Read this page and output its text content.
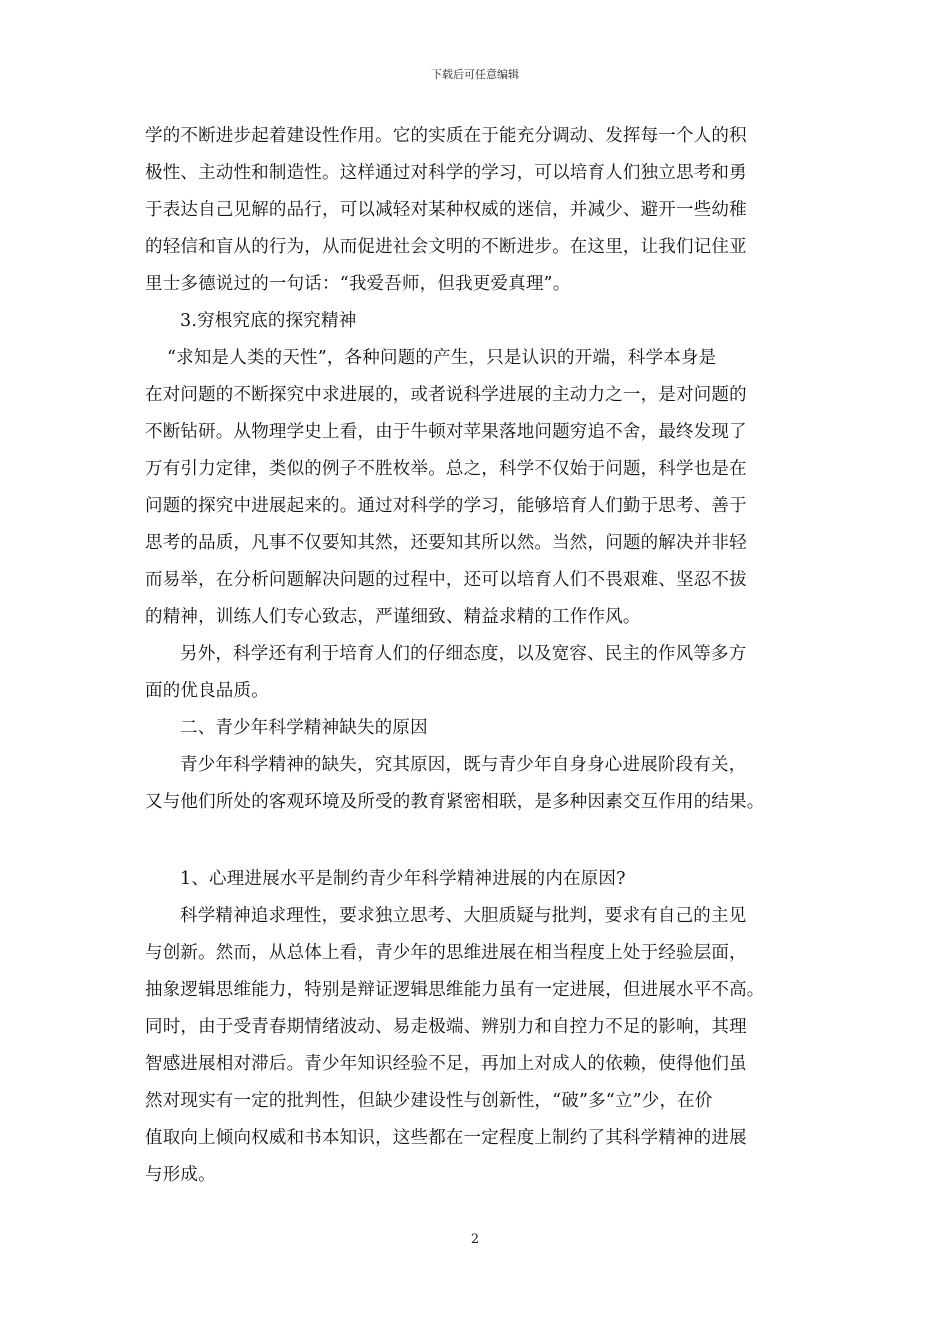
下载后可任意编辑
学的不断进步起着建设性作用。它的实质在于能充分调动、发挥每一个人的积
极性、主动性和制造性。这样通过对科学的学习，可以培育人们独立思考和勇
于表达自己见解的品行，可以减轻对某种权威的迷信，并减少、避开一些幼稚
的轻信和盲从的行为，从而促进社会文明的不断进步。在这里，让我们记住亚
里士多德说过的一句话：“我爱吾师，但我更爱真理”。
3.穷根究底的探究精神
“求知是人类的天性”，各种问题的产生，只是认识的开端，科学本身是
在对问题的不断探究中求进展的，或者说科学进展的主动力之一，是对问题的
不断钻研。从物理学史上看，由于牛顿对苹果落地问题穷追不舍，最终发现了
万有引力定律，类似的例子不胜枚举。总之，科学不仅始于问题，科学也是在
问题的探究中进展起来的。通过对科学的学习，能够培育人们勤于思考、善于
思考的品质，凡事不仅要知其然，还要知其所以然。当然，问题的解决并非轻
而易举，在分析问题解决问题的过程中，还可以培育人们不畏艰难、坚忍不拔
的精神，训练人们专心致志，严谨细致、精益求精的工作作风。
另外，科学还有利于培育人们的仔细态度，以及宽容、民主的作风等多方
面的优良品质。
二、青少年科学精神缺失的原因
青少年科学精神的缺失，究其原因，既与青少年自身身心进展阶段有关，
又与他们所处的客观环境及所受的教育紧密相联，是多种因素交互作用的结果。
1、心理进展水平是制约青少年科学精神进展的内在原因?
科学精神追求理性，要求独立思考、大胆质疑与批判，要求有自己的主见
与创新。然而，从总体上看，青少年的思维进展在相当程度上处于经验层面，
抽象逻辑思维能力，特别是辩证逻辑思维能力虽有一定进展，但进展水平不高。
同时，由于受青春期情绪波动、易走极端、辨别力和自控力不足的影响，其理
智感进展相对滞后。青少年知识经验不足，再加上对成人的依赖，使得他们虽
然对现实有一定的批判性，但缺少建设性与创新性，“破”多“立”少，在价
值取向上倾向权威和书本知识，这些都在一定程度上制约了其科学精神的进展
与形成。
2
